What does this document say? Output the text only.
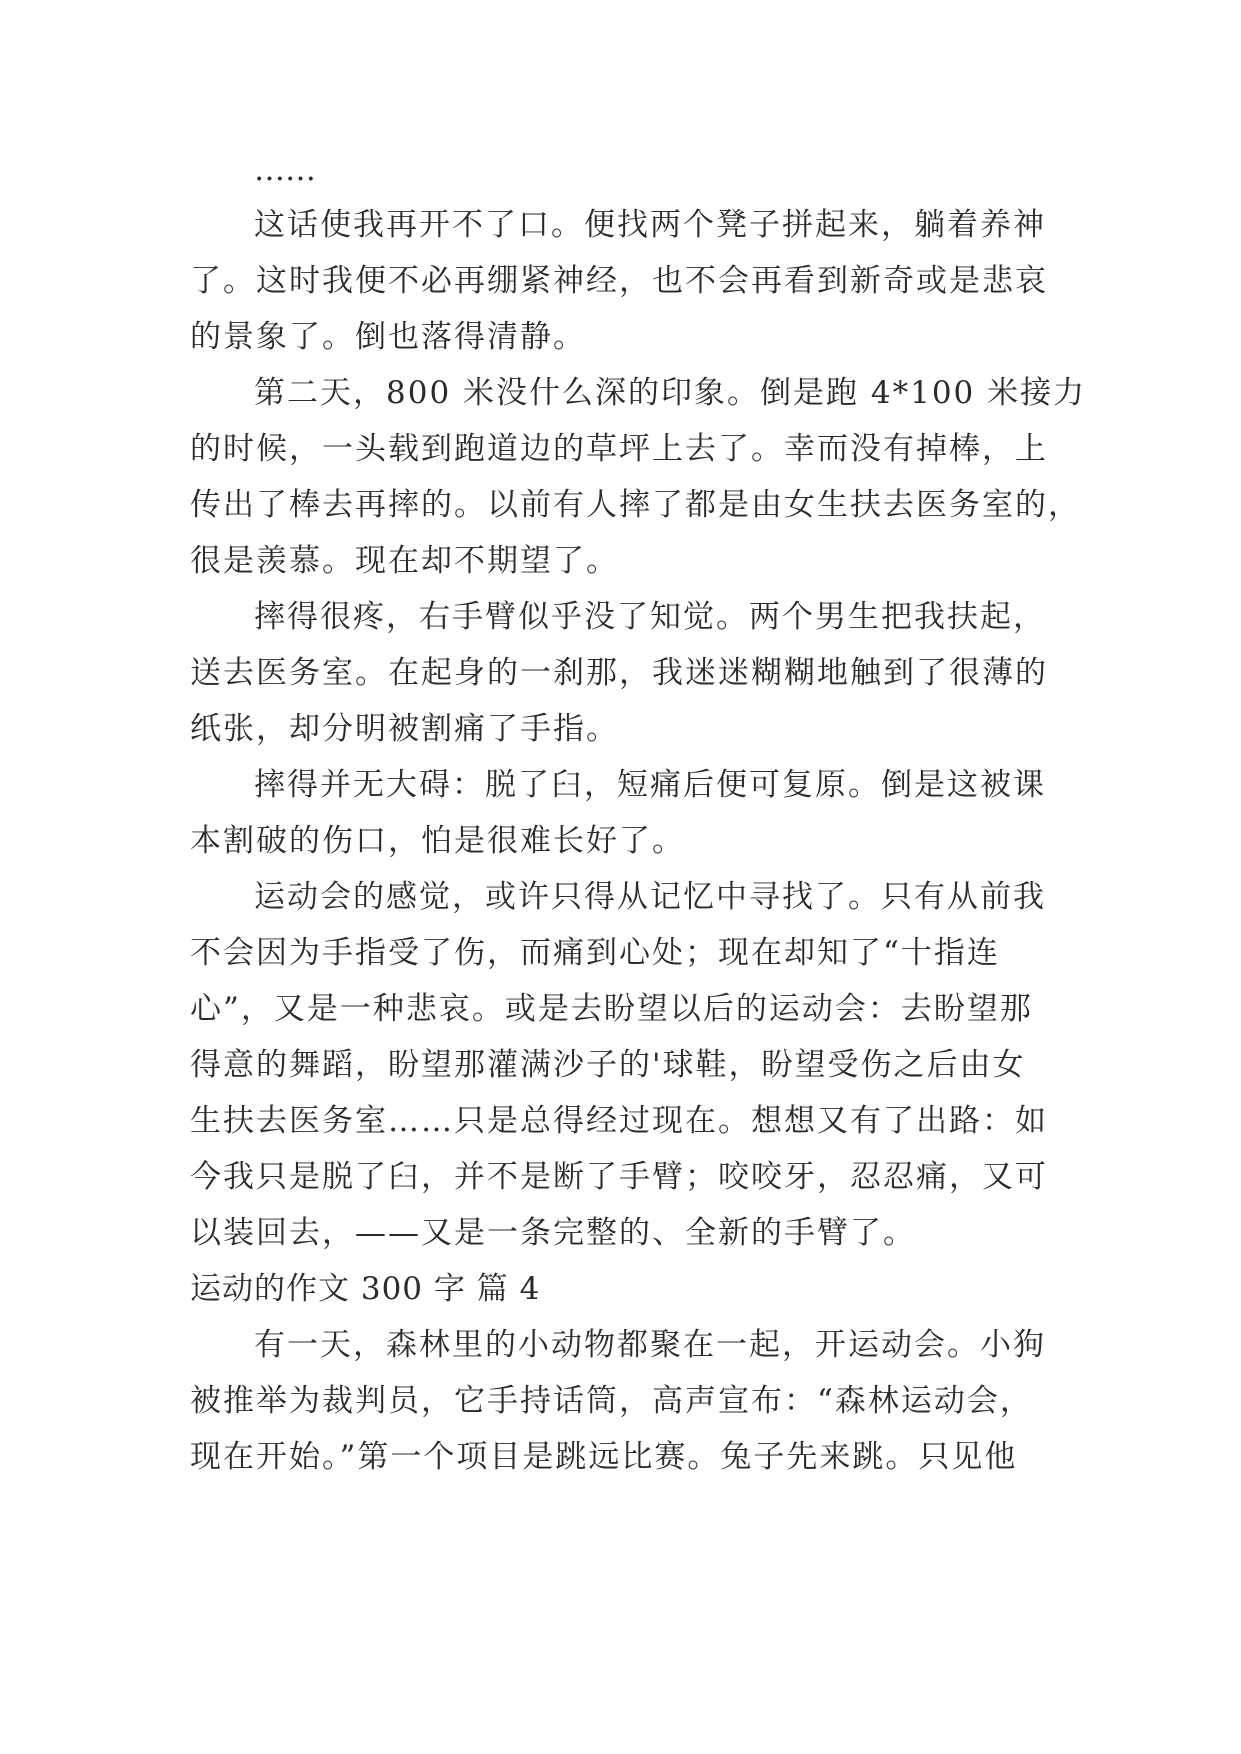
……
这话使我再开不了口。便找两个凳子拼起来，躺着养神
了。这时我便不必再绷紧神经，也不会再看到新奇或是悲哀
的景象了。倒也落得清静。
第二天，800 米没什么深的印象。倒是跑 4*100 米接力
的时候，一头载到跑道边的草坪上去了。幸而没有掉棒，上
传出了棒去再摔的。以前有人摔了都是由女生扶去医务室的，
很是羡慕。现在却不期望了。
摔得很疼，右手臂似乎没了知觉。两个男生把我扶起，
送去医务室。在起身的一刹那，我迷迷糊糊地触到了很薄的
纸张，却分明被割痛了手指。
摔得并无大碍：脱了臼，短痛后便可复原。倒是这被课
本割破的伤口，怕是很难长好了。
运动会的感觉，或许只得从记忆中寻找了。只有从前我
不会因为手指受了伤，而痛到心处；现在却知了“十指连
心”，又是一种悲哀。或是去盼望以后的运动会：去盼望那
得意的舞蹈，盼望那灌满沙子的'球鞋，盼望受伤之后由女
生扶去医务室……只是总得经过现在。想想又有了出路：如
今我只是脱了臼，并不是断了手臂；咬咬牙，忍忍痛，又可
以装回去，——又是一条完整的、全新的手臂了。
运动的作文 300 字 篇 4
有一天，森林里的小动物都聚在一起，开运动会。小狗
被推举为裁判员，它手持话筒，高声宣布：“森林运动会，
现在开始。”第一个项目是跳远比赛。兔子先来跳。只见他
